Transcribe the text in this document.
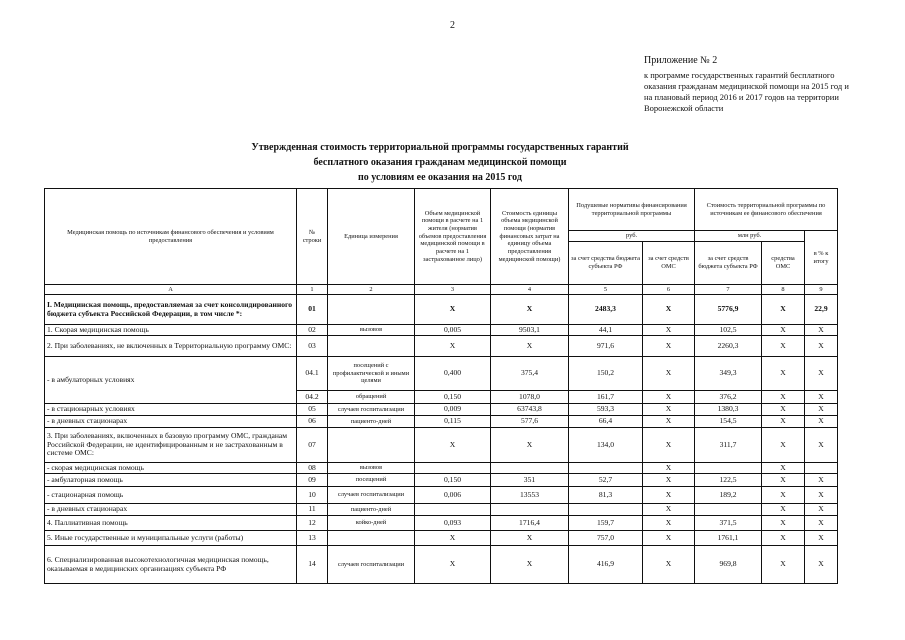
2
Приложение № 2
к программе государственных гарантий бесплатного оказания гражданам медицинской помощи на 2015 год и на плановый период 2016 и 2017 годов на территории Воронежской области
Утвержденная стоимость территориальной программы государственных гарантий
бесплатного оказания гражданам медицинской помощи
по условиям ее оказания на 2015 год
Медицинская помощь по источникам финансового обеспечения и условиям предоставления	№ строки	Единица измерения	Объем медицинской помощи в расчете на 1 жителя (норматив объемов предоставления медицинской помощи в расчете на 1 застрахованное лицо)	Стоимость единицы объема медицинской помощи (норматив финансовых затрат на единицу объема предоставления медицинской помощи)	Подушевые нормативы финансирования территориальной программы		Стоимость территориальной программы по источникам ее финансового обеспечения		
					руб.		млн руб.		в % к итогу
					за счет средства бюджета субъекта РФ	за счет средств ОМС	за счет средств бюджета субъекта РФ	средства ОМС	
А	1	2	3	4	5	6	7	8	9
I. Медицинская помощь, предоставляемая за счет консолидированного бюджета субъекта Российской Федерации, в том числе *:	01		X	X	2483,3	X	5776,9	X	22,9
1. Скорая медицинская помощь	02	вызовов	0,005	9503,1	44,1	X	102,5	X	X
2. При заболеваниях, не включенных в Территориальную программу ОМС:	03		X	X	971,6	X	2260,3	X	X
- в амбулаторных условиях	04.1	посещений с профилактической и иными целями	0,400	375,4	150,2	X	349,3	X	X
	04.2	обращений	0,150	1078,0	161,7	X	376,2	X	X
- в стационарных условиях	05	случаев госпитализации	0,009	63743,8	593,3	X	1380,3	X	X
- в дневных стационарах	06	пациенто-дней	0,115	577,6	66,4	X	154,5	X	X
3. При заболеваниях, включенных в базовую программу ОМС, гражданам Российской Федерации, не идентифицированным и не застрахованным в системе ОМС:	07		X	X	134,0	X	311,7	X	X
- скорая медицинская помощь	08	вызовов				X		X	
- амбулаторная помощь	09	посещений	0,150	351	52,7	X	122,5	X	X
- стационарная помощь	10	случаев госпитализации	0,006	13553	81,3	X	189,2	X	X
- в дневных стационарах	11	пациенто-дней				X		X	X
4. Паллиативная помощь	12	койко-дней	0,093	1716,4	159,7	X	371,5	X	X
5. Иные государственные и муниципальные услуги (работы)	13		X	X	757,0	X	1761,1	X	X
6. Специализированная высокотехнологичная медицинская помощь, оказываемая в медицинских организациях субъекта РФ	14	случаев госпитализации	X	X	416,9	X	969,8	X	X
